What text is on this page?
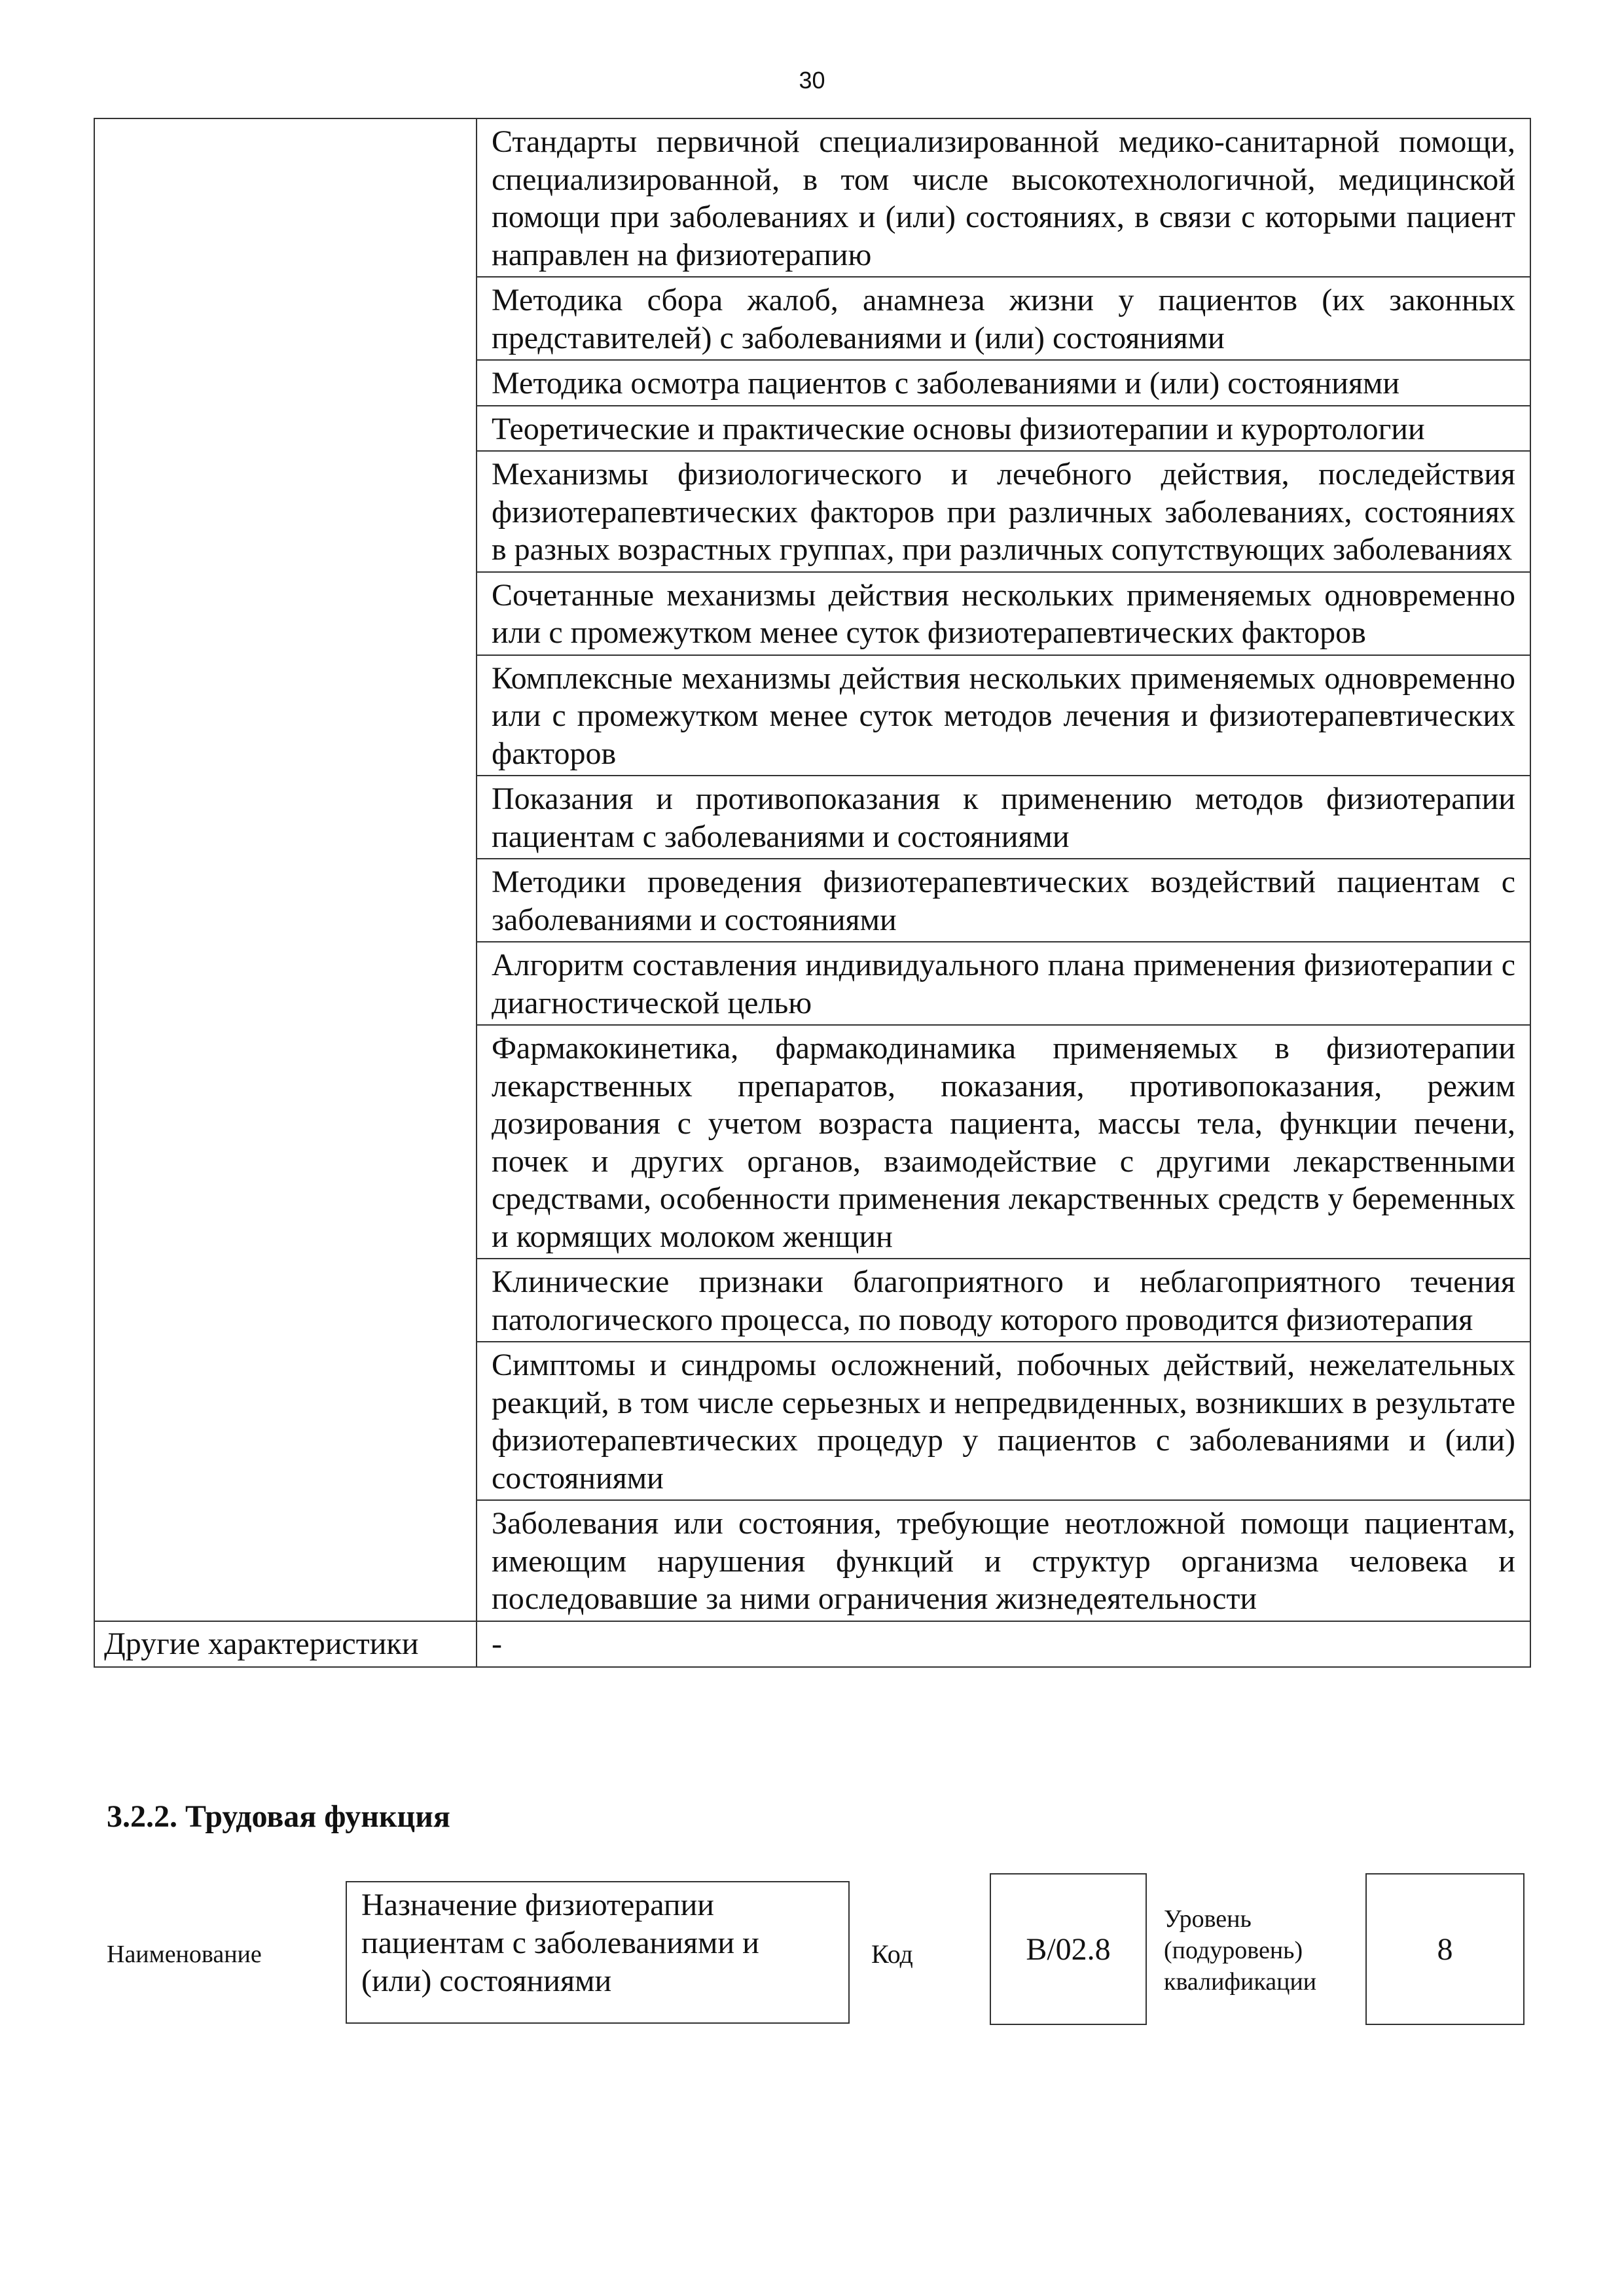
30
	Стандарты первичной специализированной медико-санитарной помощи, специализированной, в том числе высокотехнологичной, медицинской помощи при заболеваниях и (или) состояниях, в связи с которыми пациент направлен на физиотерапию
	Методика сбора жалоб, анамнеза жизни у пациентов (их законных представителей) с заболеваниями и (или) состояниями
	Методика осмотра пациентов с заболеваниями и (или) состояниями
	Теоретические и практические основы физиотерапии и курортологии
	Механизмы физиологического и лечебного действия, последействия физиотерапевтических факторов при различных заболеваниях, состояниях в разных возрастных группах, при различных сопутствующих заболеваниях
	Сочетанные механизмы действия нескольких применяемых одновременно или с промежутком менее суток физиотерапевтических факторов
	Комплексные механизмы действия нескольких применяемых одновременно или с промежутком менее суток методов лечения и физиотерапевтических факторов
	Показания и противопоказания к применению методов физиотерапии пациентам с заболеваниями и состояниями
	Методики проведения физиотерапевтических воздействий пациентам с заболеваниями и состояниями
	Алгоритм составления индивидуального плана применения физиотерапии с диагностической целью
	Фармакокинетика, фармакодинамика применяемых в физиотерапии лекарственных препаратов, показания, противопоказания, режим дозирования с учетом возраста пациента, массы тела, функции печени, почек и других органов, взаимодействие с другими лекарственными средствами, особенности применения лекарственных средств у беременных и кормящих молоком женщин
	Клинические признаки благоприятного и неблагоприятного течения патологического процесса, по поводу которого проводится физиотерапия
	Симптомы и синдромы осложнений, побочных действий, нежелательных реакций, в том числе серьезных и непредвиденных, возникших в результате физиотерапевтических процедур у пациентов с заболеваниями и (или) состояниями
	Заболевания или состояния, требующие неотложной помощи пациентам, имеющим нарушения функций и структур организма человека и последовавшие за ними ограничения жизнедеятельности
Другие характеристики	-
3.2.2. Трудовая функция
Наименование
Назначение физиотерапии пациентам с заболеваниями и (или) состояниями
Код	B/02.8
Уровень
(подуровень)
квалификации
8
